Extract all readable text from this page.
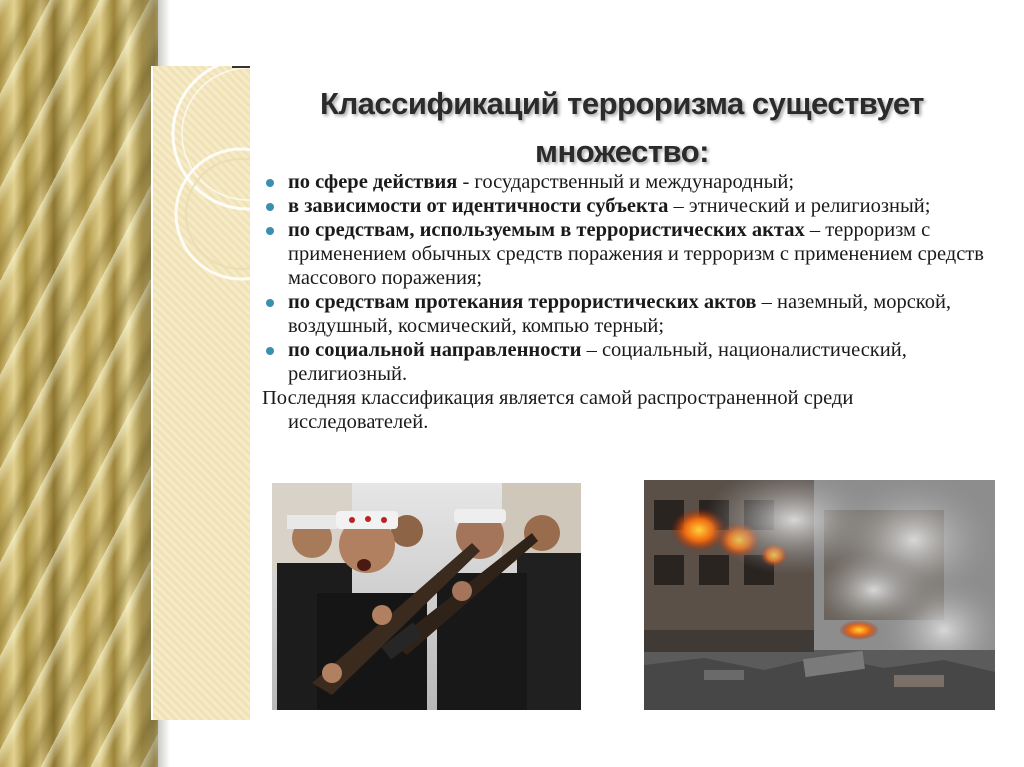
Классификаций терроризма существует
множество:
по сфере действия - государственный и международный;
в зависимости от идентичности субъекта – этнический и религиозный;
по средствам, используемым в террористических актах – терроризм с применением обычных средств поражения и терроризм с применением средств массового поражения;
по средствам протекания террористических актов – наземный, морской, воздушный, космический, компью терный;
по социальной направленности – социальный, националистический, религиозный.

Последняя классификация является самой распространенной среди
исследователей.
